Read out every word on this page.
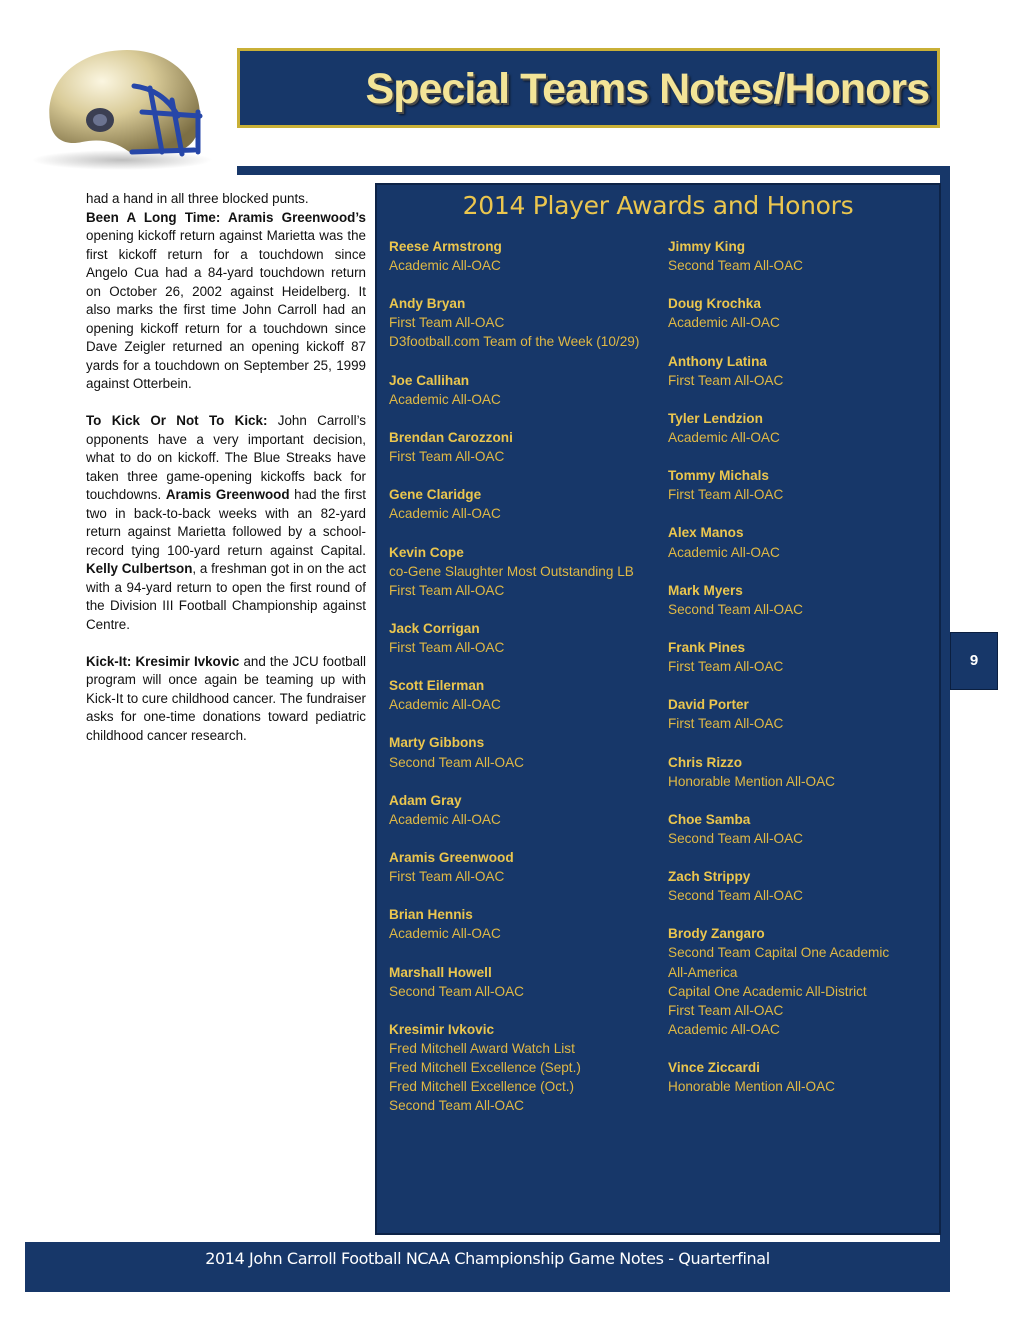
Special Teams Notes/Honors
9

had a hand in all three blocked punts.

Been A Long Time: Aramis Greenwood’s opening kickoff return against Marietta was the first kickoff return for a touchdown since Angelo Cua had a 84-yard touchdown return on October 26, 2002 against Heidelberg. It also marks the first time John Carroll had an opening kickoff return for a touchdown since Dave Zeigler returned an opening kickoff 87 yards for a touchdown on September 25, 1999 against Otterbein.

To Kick Or Not To Kick: John Carroll’s opponents have a very important decision, what to do on kickoff. The Blue Streaks have taken three game-opening kickoffs back for touchdowns. Aramis Greenwood had the first two in back-to-back weeks with an 82-yard return against Marietta followed by a school-record tying 100-yard return against Capital. Kelly Culbertson, a freshman got in on the act with a 94-yard return to open the first round of the Division III Football Championship against Centre.

Kick-It: Kresimir Ivkovic and the JCU football program will once again be teaming up with Kick-It to cure childhood cancer. The fundraiser asks for one-time donations toward pediatric childhood cancer research.

2014 Player Awards and Honors
Reese Armstrong
Academic All-OAC
Andy Bryan
First Team All-OAC
D3football.com Team of the Week (10/29)
Joe Callihan
Academic All-OAC
Brendan Carozzoni
First Team All-OAC
Gene Claridge
Academic All-OAC
Kevin Cope
co-Gene Slaughter Most Outstanding LB
First Team All-OAC
Jack Corrigan
First Team All-OAC
Scott Eilerman
Academic All-OAC
Marty Gibbons
Second Team All-OAC
Adam Gray
Academic All-OAC
Aramis Greenwood
First Team All-OAC
Brian Hennis
Academic All-OAC
Marshall Howell
Second Team All-OAC
Kresimir Ivkovic
Fred Mitchell Award Watch List
Fred Mitchell Excellence (Sept.)
Fred Mitchell Excellence (Oct.)
Second Team All-OAC
Jimmy King
Second Team All-OAC
Doug Krochka
Academic All-OAC
Anthony Latina
First Team All-OAC
Tyler Lendzion
Academic All-OAC
Tommy Michals
First Team All-OAC
Alex Manos
Academic All-OAC
Mark Myers
Second Team All-OAC
Frank Pines
First Team All-OAC
David Porter
First Team All-OAC
Chris Rizzo
Honorable Mention All-OAC
Choe Samba
Second Team All-OAC
Zach Strippy
Second Team All-OAC
Brody Zangaro
Second Team Capital One Academic
All-America
Capital One Academic All-District
First Team All-OAC
Academic All-OAC
Vince Ziccardi
Honorable Mention All-OAC
2014 John Carroll Football NCAA Championship Game Notes - Quarterfinal
